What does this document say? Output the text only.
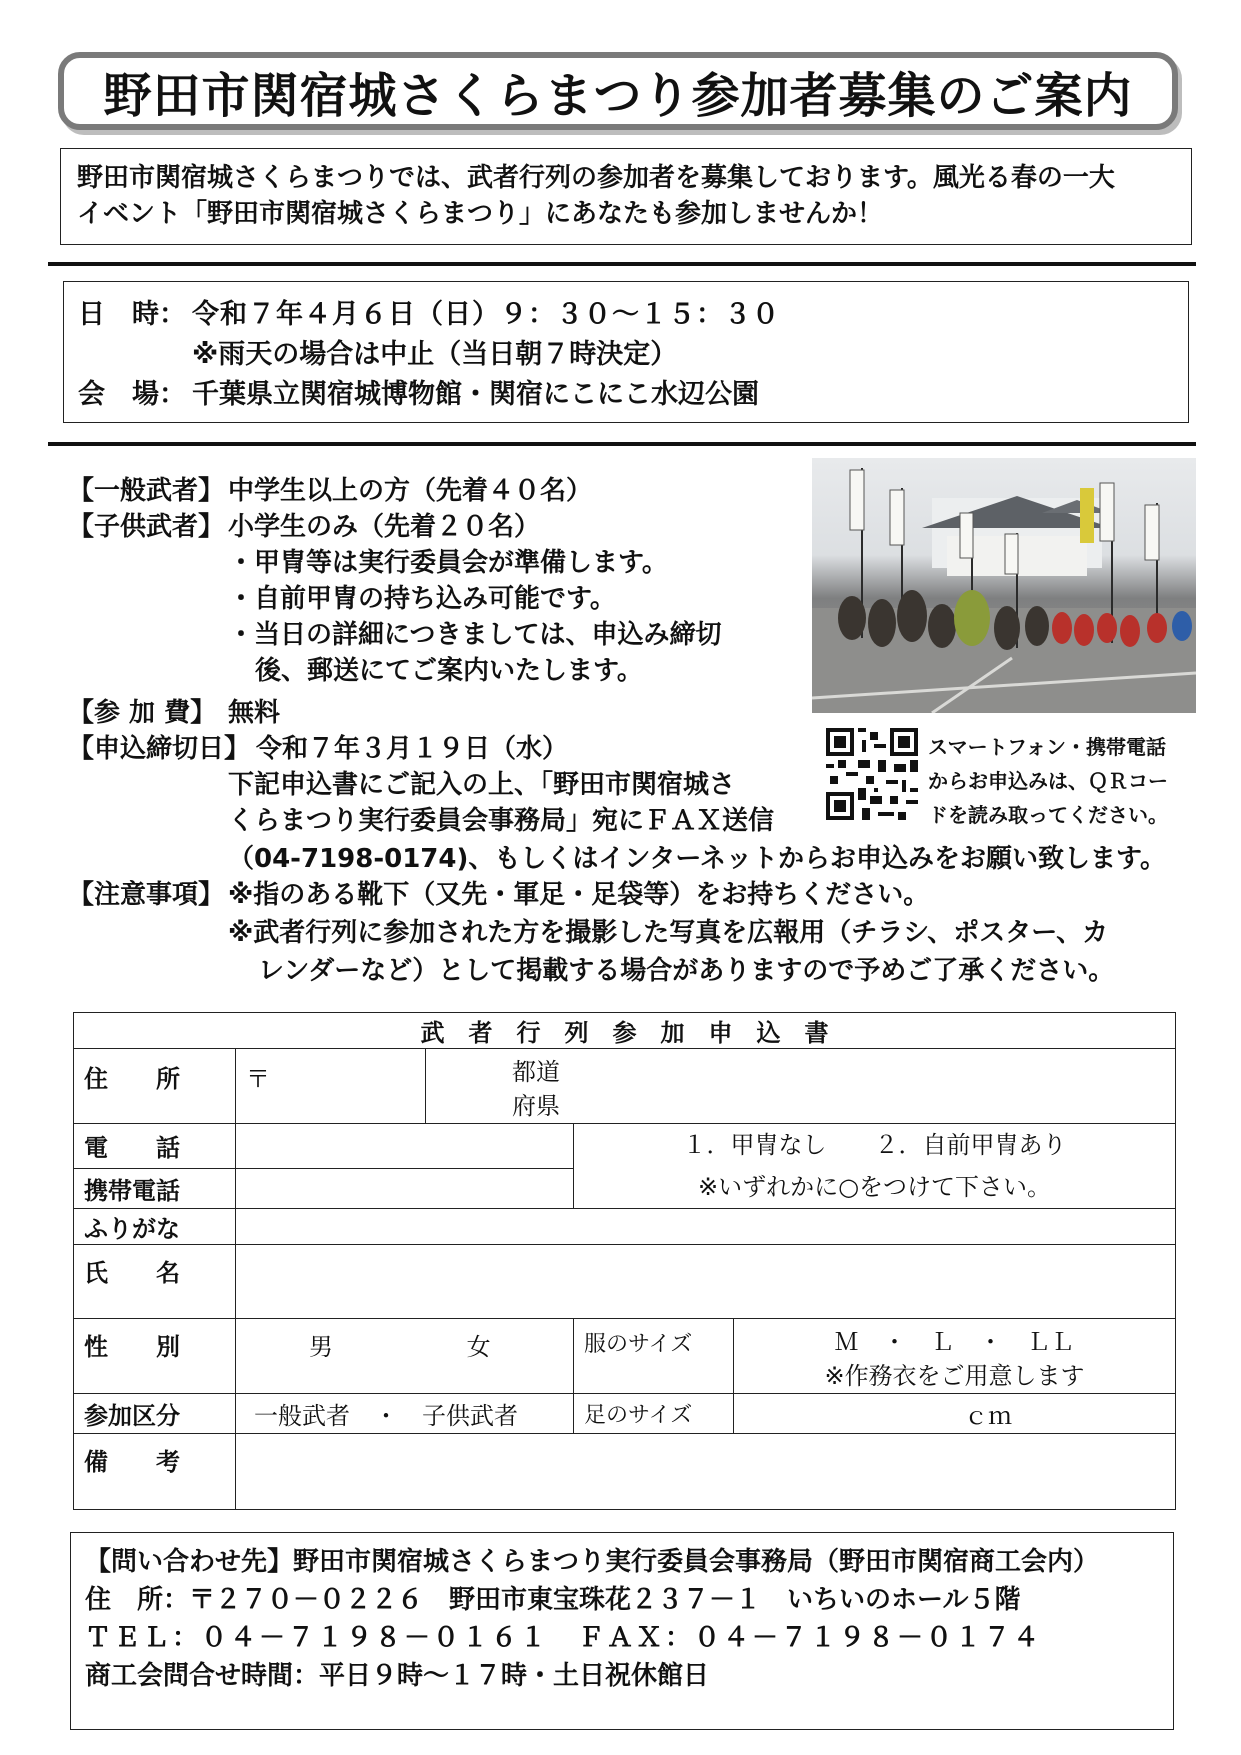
野田市関宿城さくらまつり参加者募集のご案内
野田市関宿城さくらまつりでは、武者行列の参加者を募集しております。風光る春の一大
イベント「野田市関宿城さくらまつり」にあなたも参加しませんか！
日　時： 令和７年４月６日（日）９：３０～１５：３０
※雨天の場合は中止（当日朝７時決定）
会　場： 千葉県立関宿城博物館・関宿にこにこ水辺公園
【一般武者】 中学生以上の方（先着４０名）
【子供武者】 小学生のみ（先着２０名）
・甲冑等は実行委員会が準備します。
・自前甲冑の持ち込み可能です。
・当日の詳細につきましては、申込み締切
後、郵送にてご案内いたします。
【参 加 費】 無料
【申込締切日】 令和７年３月１９日（水）
下記申込書にご記入の上、「野田市関宿城さ
くらまつり実行委員会事務局」宛にＦＡＸ送信
（04-7198-0174)、もしくはインターネットからお申込みをお願い致します。
【注意事項】 ※指のある靴下（又先・軍足・足袋等）をお持ちください。
※武者行列に参加された方を撮影した写真を広報用（チラシ、ポスター、カ
レンダーなど）として掲載する場合がありますので予めご了承ください。
スマートフォン・携帯電話
からお申込みは、ＱＲコー
ドを読み取ってください。
武　者　行　列　参　加　申　込　書				
住　　所	〒	都道
府県		

電　　話			１．甲冑なし　　２．自前甲冑あり
※いずれかに○をつけて下さい。	

携帯電話				
ふりがな				
氏　　名				
性　　別	男 女		服のサイズ	Ｍ　・　Ｌ　・　ＬＬ
※作務衣をご用意します

参加区分	一般武者　・　子供武者		足のサイズ	ｃｍ
備　　考				
【問い合わせ先】野田市関宿城さくらまつり実行委員会事務局（野田市関宿商工会内）
住　所：〒２７０－０２２６　野田市東宝珠花２３７－１　いちいのホール５階
ＴＥＬ：０４－７１９８－０１６１　ＦＡＸ：０４－７１９８－０１７４
商工会問合せ時間：平日９時～１７時・土日祝休館日
